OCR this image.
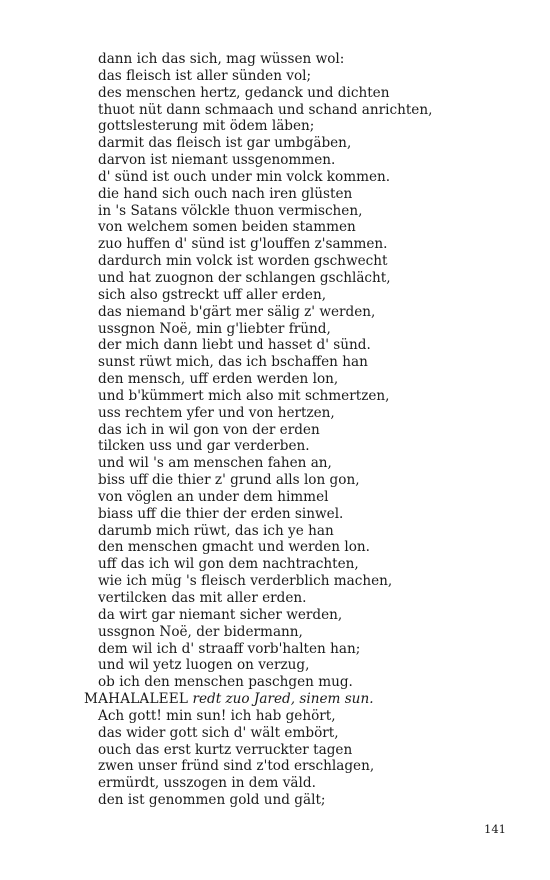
dann ich das sich, mag wüssen wol:
das fleisch ist aller sünden vol;
des menschen hertz, gedanck und dichten
thuot nüt dann schmaach und schand anrichten,
gottslesterung mit ödem läben;
darmit das fleisch ist gar umbgäben,
darvon ist niemant ussgenommen.
d' sünd ist ouch under min volck kommen.
die hand sich ouch nach iren glüsten
in 's Satans völckle thuon vermischen,
von welchem somen beiden stammen
zuo huffen d' sünd ist g'louffen z'sammen.
dardurch min volck ist worden gschwecht
und hat zuognon der schlangen gschlächt,
sich also gstreckt uff aller erden,
das niemand b'gärt mer sälig z' werden,
ussgnon Noë, min g'liebter fründ,
der mich dann liebt und hasset d' sünd.
sunst rüwt mich, das ich bschaffen han
den mensch, uff erden werden lon,
und b'kümmert mich also mit schmertzen,
uss rechtem yfer und von hertzen,
das ich in wil gon von der erden
tilcken uss und gar verderben.
und wil 's am menschen fahen an,
biss uff die thier z' grund alls lon gon,
von vöglen an under dem himmel
biass uff die thier der erden sinwel.
darumb mich rüwt, das ich ye han
den menschen gmacht und werden lon.
uff das ich wil gon dem nachtrachten,
wie ich müg 's fleisch verderblich machen,
vertilcken das mit aller erden.
da wirt gar niemant sicher werden,
ussgnon Noë, der bidermann,
dem wil ich d' straaff vorb'halten han;
und wil yetz luogen on verzug,
ob ich den menschen paschgen mug.
MAHALALEEL redt zuo Jared, sinem sun.
Ach gott! min sun! ich hab gehört,
das wider gott sich d' wält embört,
ouch das erst kurtz verruckter tagen
zwen unser fründ sind z'tod erschlagen,
ermürdt, usszogen in dem väld.
den ist genommen gold und gält;
141
